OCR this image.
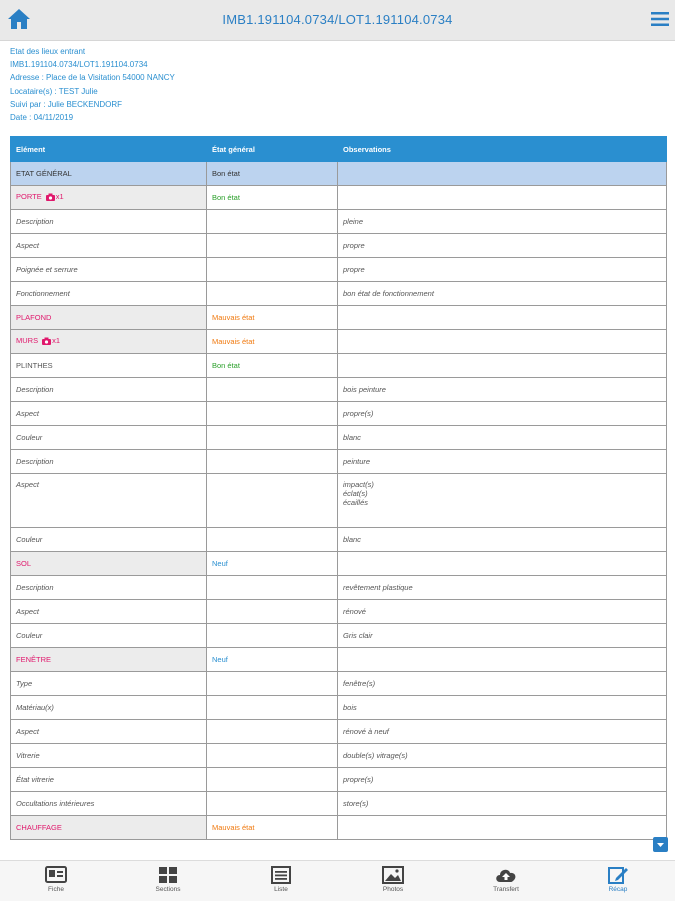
IMB1.191104.0734/LOT1.191104.0734
Etat des lieux entrant
IMB1.191104.0734/LOT1.191104.0734
Adresse : Place de la Visitation 54000 NANCY
Locataire(s) : TEST Julie
Suivi par : Julie BECKENDORF
Date : 04/11/2019
Elément	État général	Observations
ETAT GÉNÉRAL	Bon état	
PORTE x1	Bon état	
Description		pleine
Aspect		propre
Poignée et serrure		propre
Fonctionnement		bon état de fonctionnement
PLAFOND	Mauvais état	
MURS x1	Mauvais état	
PLINTHES	Bon état	
Description		bois peinture
Aspect		propre(s)
Couleur		blanc
Description		peinture
Aspect		impact(s)
éclat(s)
écaillés

Couleur		blanc
SOL	Neuf	
Description		revêtement plastique
Aspect		rénové
Couleur		Gris clair
FENÊTRE	Neuf	
Type		fenêtre(s)
Matériau(x)		bois
Aspect		rénové à neuf
Vitrerie		double(s) vitrage(s)
État vitrerie		propre(s)
Occultations intérieures		store(s)
CHAUFFAGE	Mauvais état	
Fiche	Sections	Liste	Photos	Transfert	Récap
